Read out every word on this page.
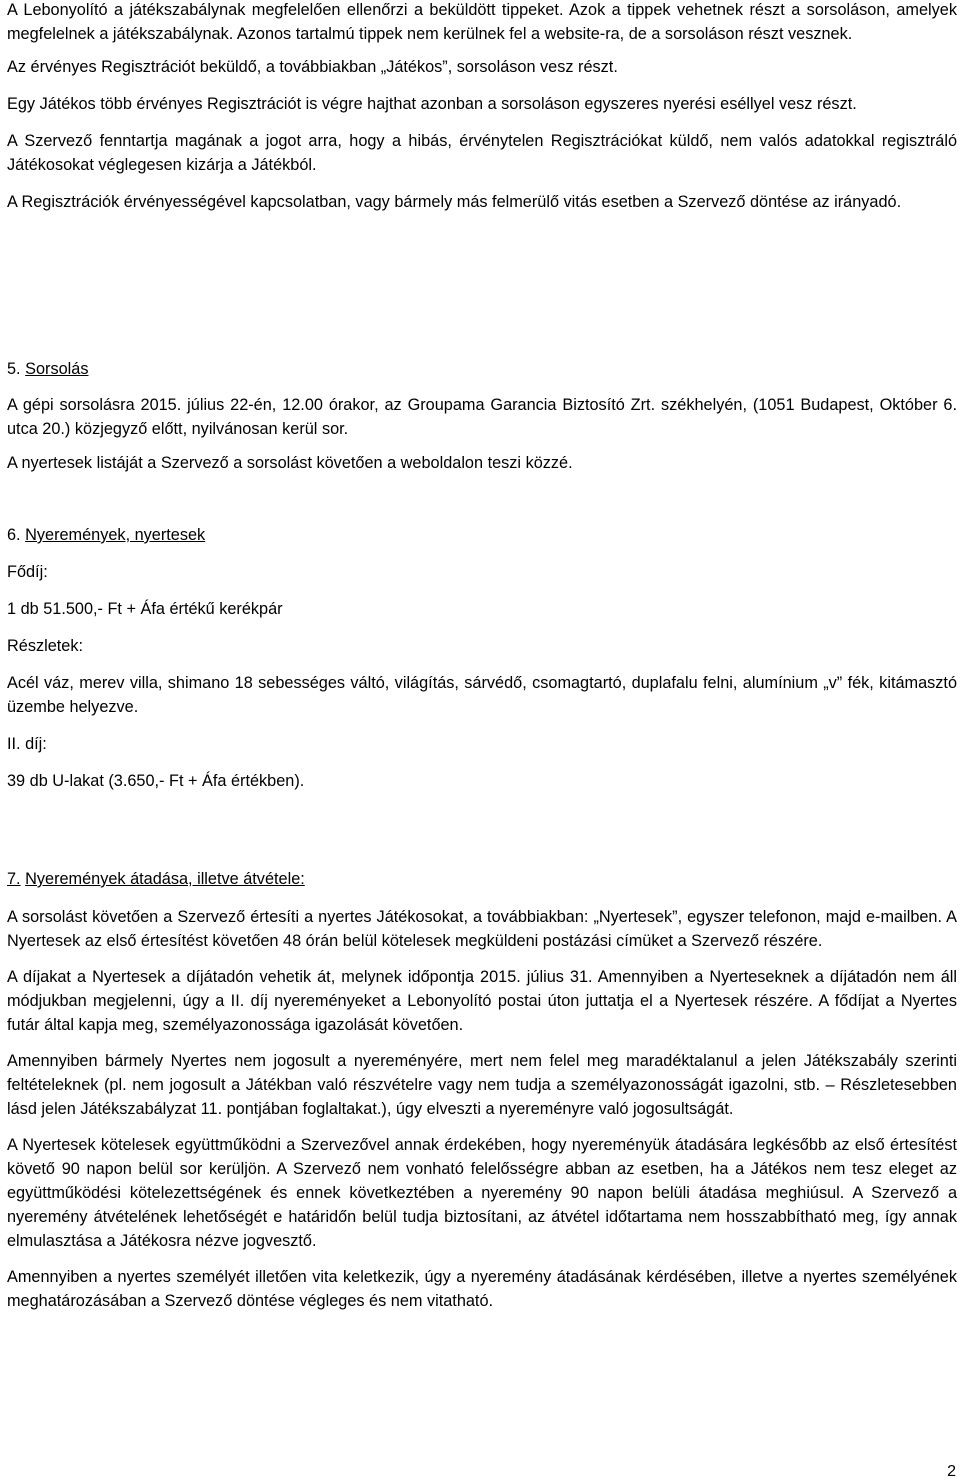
A Lebonyolító a játékszabálynak megfelelően ellenőrzi a beküldött tippeket. Azok a tippek vehetnek részt a sorsoláson, amelyek megfelelnek a játékszabálynak. Azonos tartalmú tippek nem kerülnek fel a website-ra, de a sorsoláson részt vesznek.

Az érvényes Regisztrációt beküldő, a továbbiakban „Játékos”, sorsoláson vesz részt.

Egy Játékos több érvényes Regisztrációt is végre hajthat azonban a sorsoláson egyszeres nyerési eséllyel vesz részt.

A Szervező fenntartja magának a jogot arra, hogy a hibás, érvénytelen Regisztrációkat küldő, nem valós adatokkal regisztráló Játékosokat véglegesen kizárja a Játékból.

A Regisztrációk érvényességével kapcsolatban, vagy bármely más felmerülő vitás esetben a Szervező döntése az irányadó.

5. Sorsolás

A gépi sorsolásra 2015. július 22-én, 12.00 órakor, az Groupama Garancia Biztosító Zrt. székhelyén, (1051 Budapest, Október 6. utca 20.) közjegyző előtt, nyilvánosan kerül sor.

A nyertesek listáját a Szervező a sorsolást követően a weboldalon teszi közzé.

6. Nyeremények, nyertesek

Fődíj:

1 db 51.500,- Ft + Áfa értékű kerékpár

Részletek:

Acél váz, merev villa, shimano 18 sebességes váltó, világítás, sárvédő, csomagtartó, duplafalu felni, alumínium „v” fék, kitámasztó üzembe helyezve.

II. díj:

39 db U-lakat (3.650,- Ft + Áfa értékben).

7. Nyeremények átadása, illetve átvétele:

A sorsolást követően a Szervező értesíti a nyertes Játékosokat, a továbbiakban: „Nyertesek”, egyszer telefonon, majd e-mailben. A Nyertesek az első értesítést követően 48 órán belül kötelesek megküldeni postázási címüket a Szervező részére.

A díjakat a Nyertesek a díjátadón vehetik át, melynek időpontja 2015. július 31. Amennyiben a Nyerteseknek a díjátadón nem áll módjukban megjelenni, úgy a II. díj nyereményeket a Lebonyolító postai úton juttatja el a Nyertesek részére. A fődíjat a Nyertes futár által kapja meg, személyazonossága igazolását követően.

Amennyiben bármely Nyertes nem jogosult a nyereményére, mert nem felel meg maradéktalanul a jelen Játékszabály szerinti feltételeknek (pl. nem jogosult a Játékban való részvételre vagy nem tudja a személyazonosságát igazolni, stb. – Részletesebben lásd jelen Játékszabályzat 11. pontjában foglaltakat.), úgy elveszti a nyereményre való jogosultságát.

A Nyertesek kötelesek együttműködni a Szervezővel annak érdekében, hogy nyereményük átadására legkésőbb az első értesítést követő 90 napon belül sor kerüljön. A Szervező nem vonható felelősségre abban az esetben, ha a Játékos nem tesz eleget az együttműködési kötelezettségének és ennek következtében a nyeremény 90 napon belüli átadása meghiúsul. A Szervező a nyeremény átvételének lehetőségét e határidőn belül tudja biztosítani, az átvétel időtartama nem hosszabbítható meg, így annak elmulasztása a Játékosra nézve jogvesztő.

Amennyiben a nyertes személyét illetően vita keletkezik, úgy a nyeremény átadásának kérdésében, illetve a nyertes személyének meghatározásában a Szervező döntése végleges és nem vitatható.

2
